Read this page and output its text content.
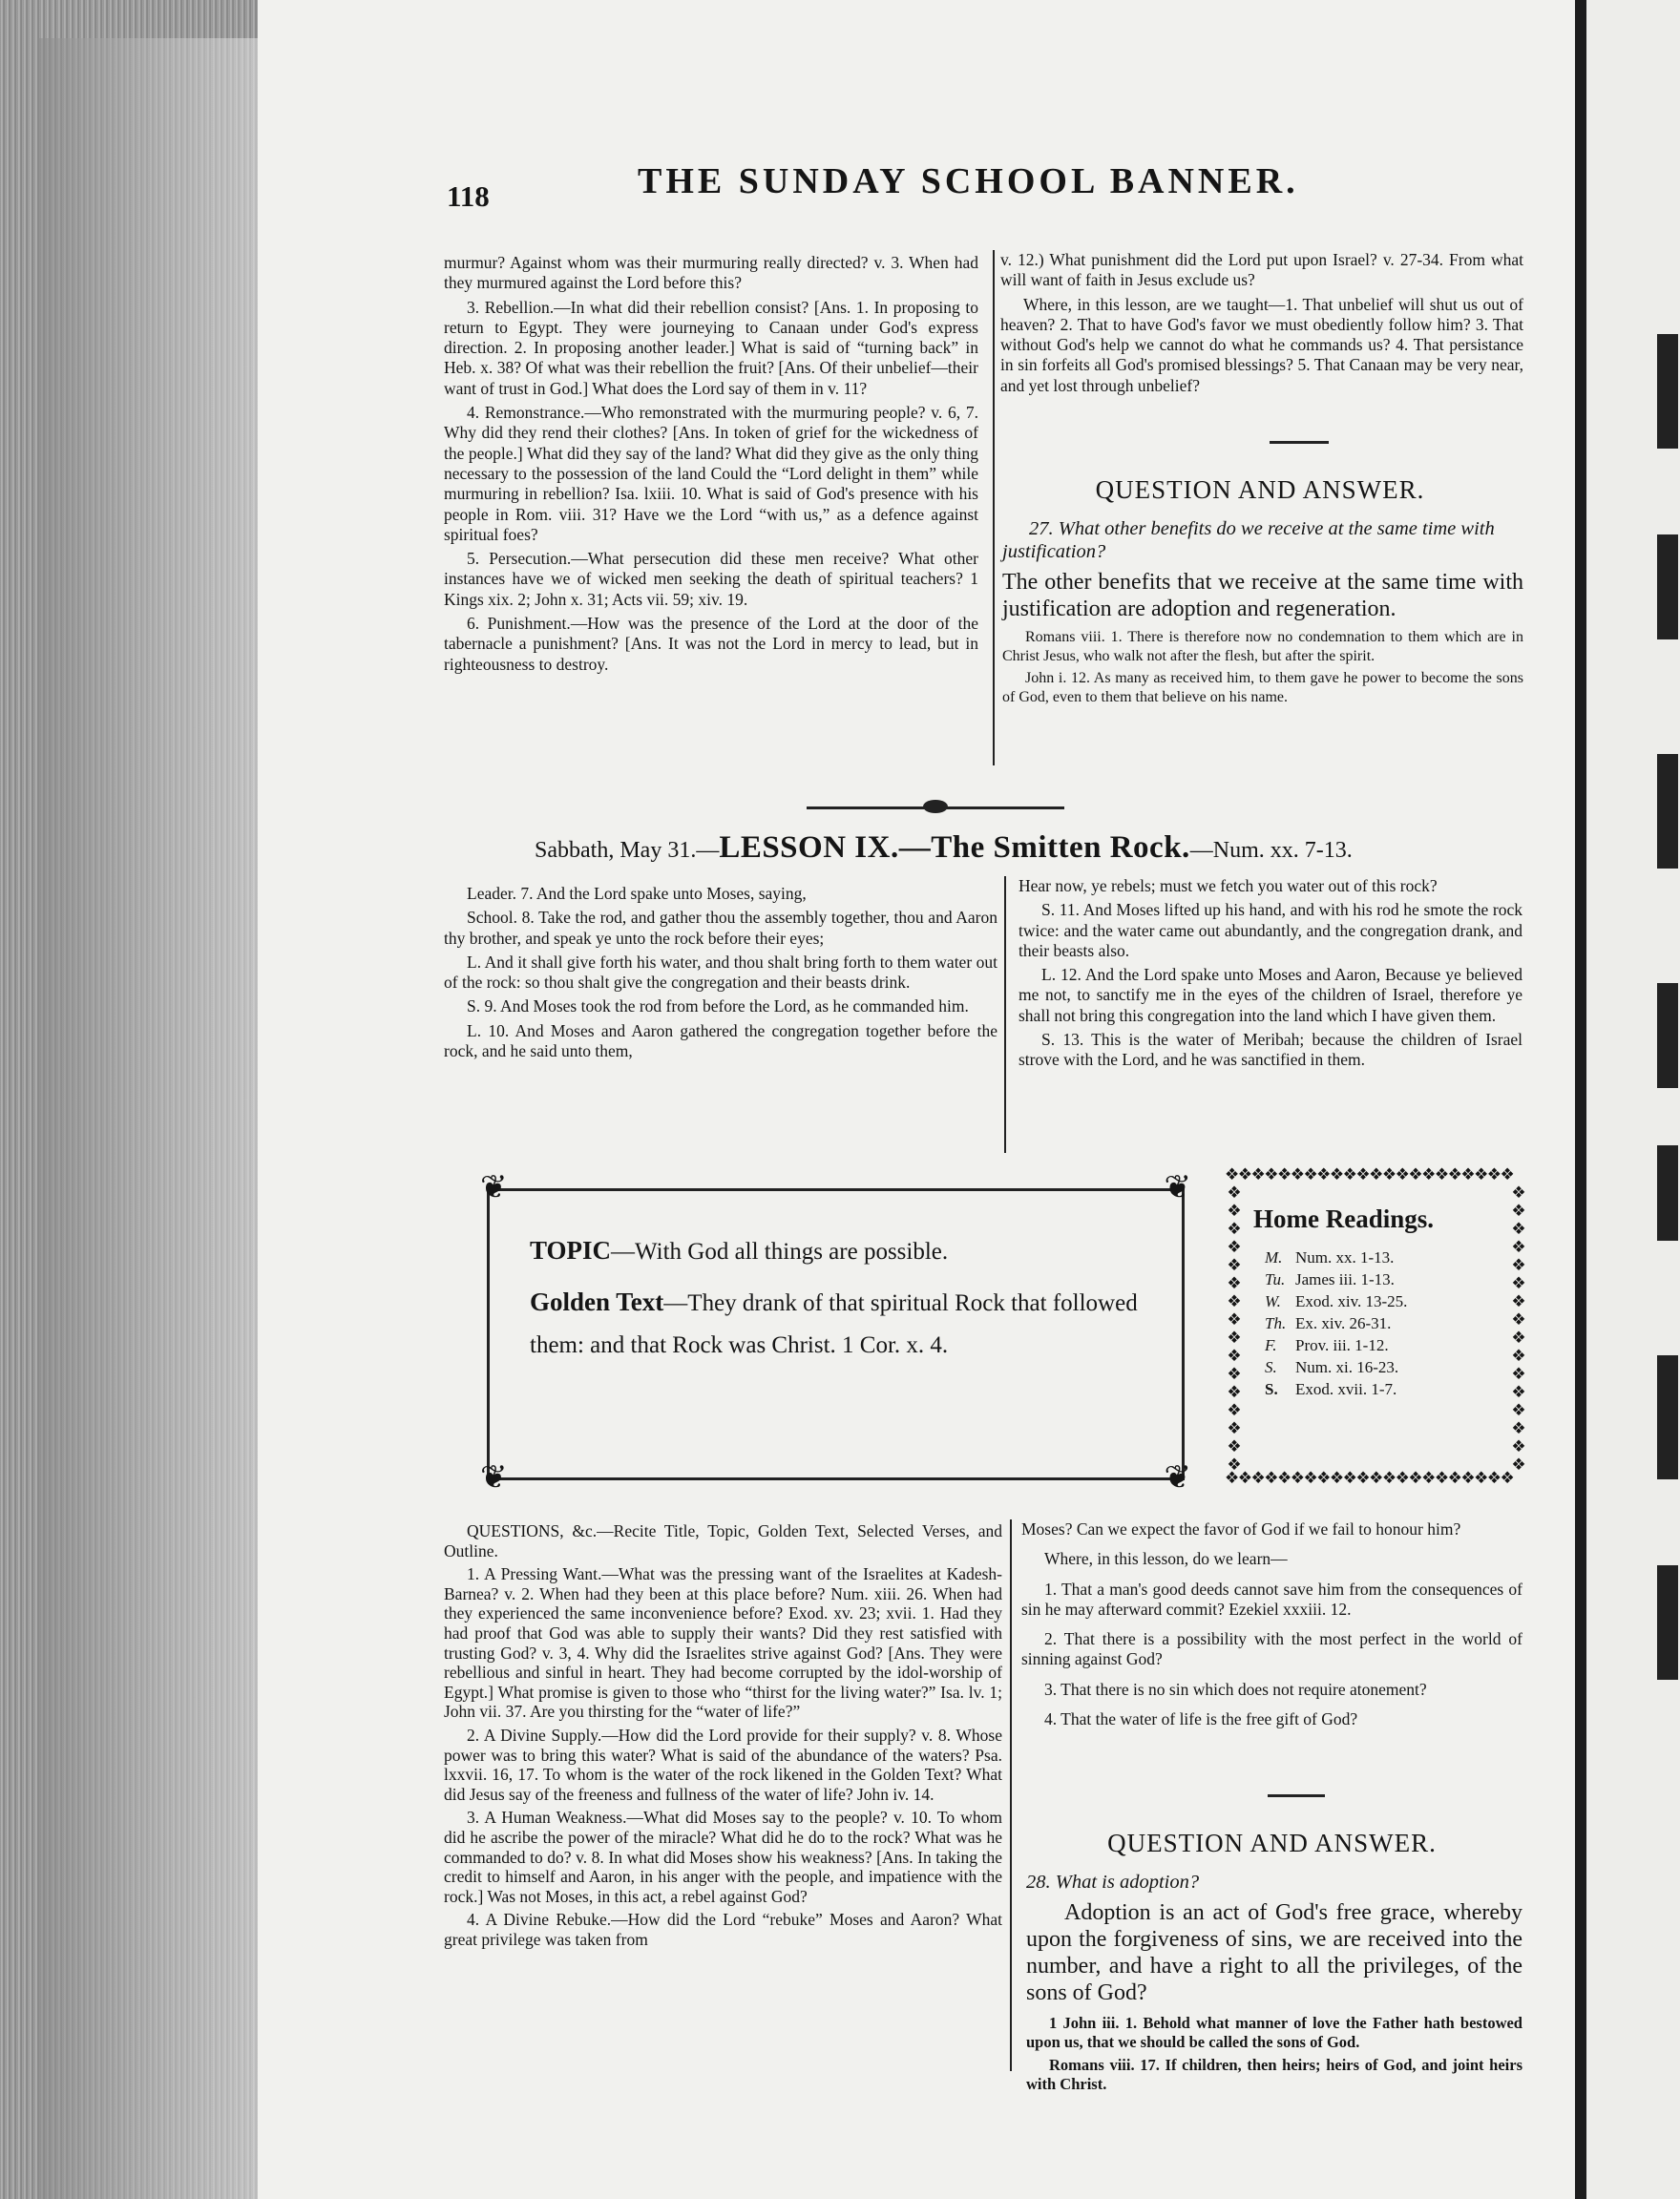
118	THE SUNDAY SCHOOL BANNER.

murmur? Against whom was their murmuring really directed? v. 3. When had they murmured against the Lord before this?

3. Rebellion.—In what did their rebellion consist? [Ans. 1. In proposing to return to Egypt. They were journeying to Canaan under God's express direction. 2. In proposing another leader.] What is said of “turning back” in Heb. x. 38? Of what was their rebellion the fruit? [Ans. Of their unbelief—their want of trust in God.] What does the Lord say of them in v. 11?

4. Remonstrance.—Who remonstrated with the murmuring people? v. 6, 7. Why did they rend their clothes? [Ans. In token of grief for the wickedness of the people.] What did they say of the land? What did they give as the only thing necessary to the possession of the land Could the “Lord delight in them” while murmuring in rebellion? Isa. lxiii. 10. What is said of God's presence with his people in Rom. viii. 31? Have we the Lord “with us,” as a defence against spiritual foes?

5. Persecution.—What persecution did these men receive? What other instances have we of wicked men seeking the death of spiritual teachers? 1 Kings xix. 2; John x. 31; Acts vii. 59; xiv. 19.

6. Punishment.—How was the presence of the Lord at the door of the tabernacle a punishment? [Ans. It was not the Lord in mercy to lead, but in righteousness to destroy.

v. 12.) What punishment did the Lord put upon Israel? v. 27-34. From what will want of faith in Jesus exclude us?

Where, in this lesson, are we taught—1. That unbelief will shut us out of heaven? 2. That to have God's favor we must obediently follow him? 3. That without God's help we cannot do what he commands us? 4. That persistance in sin forfeits all God's promised blessings? 5. That Canaan may be very near, and yet lost through unbelief?

QUESTION AND ANSWER.
27. What other benefits do we receive at the same time with justification?
The other benefits that we receive at the same time with justification are adoption and regeneration.

Romans viii. 1. There is therefore now no condemnation to them which are in Christ Jesus, who walk not after the flesh, but after the spirit.

John i. 12. As many as received him, to them gave he power to become the sons of God, even to them that believe on his name.

Sabbath, May 31.—LESSON IX.—The Smitten Rock.—Num. xx. 7-13.

Leader. 7. And the Lord spake unto Moses, saying,

School. 8. Take the rod, and gather thou the assembly together, thou and Aaron thy brother, and speak ye unto the rock before their eyes;

L. And it shall give forth his water, and thou shalt bring forth to them water out of the rock: so thou shalt give the congregation and their beasts drink.

S. 9. And Moses took the rod from before the Lord, as he commanded him.

L. 10. And Moses and Aaron gathered the congregation together before the rock, and he said unto them,

Hear now, ye rebels; must we fetch you water out of this rock?

S. 11. And Moses lifted up his hand, and with his rod he smote the rock twice: and the water came out abundantly, and the congregation drank, and their beasts also.

L. 12. And the Lord spake unto Moses and Aaron, Because ye believed me not, to sanctify me in the eyes of the children of Israel, therefore ye shall not bring this congregation into the land which I have given them.

S. 13. This is the water of Meribah; because the children of Israel strove with the Lord, and he was sanctified in them.

❦	❦
❦	❦
TOPIC—With God all things are possible.
Golden Text—They drank of that spiritual Rock that followed them: and that Rock was Christ. 1 Cor. x. 4.
❖❖❖❖❖❖❖❖❖❖❖❖❖❖❖❖❖❖❖❖❖❖
❖❖❖❖❖❖❖❖❖❖❖❖❖❖❖❖❖❖❖❖❖❖
❖
❖
❖
❖
❖
❖
❖
❖
❖
❖
❖
❖
❖
❖
❖
❖
❖
❖
❖
❖
❖
❖
❖
❖
❖
❖
❖
❖
❖
❖
❖
❖
Home Readings.
M. Num. xx. 1-13.
Tu. James iii. 1-13.
W. Exod. xiv. 13-25.
Th. Ex. xiv. 26-31.
F. Prov. iii. 1-12.
S. Num. xi. 16-23.
S. Exod. xvii. 1-7.

QUESTIONS, &c.—Recite Title, Topic, Golden Text, Selected Verses, and Outline.

1. A Pressing Want.—What was the pressing want of the Israelites at Kadesh-Barnea? v. 2. When had they been at this place before? Num. xiii. 26. When had they experienced the same inconvenience before? Exod. xv. 23; xvii. 1. Had they had proof that God was able to supply their wants? Did they rest satisfied with trusting God? v. 3, 4. Why did the Israelites strive against God? [Ans. They were rebellious and sinful in heart. They had become corrupted by the idol-worship of Egypt.] What promise is given to those who “thirst for the living water?” Isa. lv. 1; John vii. 37. Are you thirsting for the “water of life?”

2. A Divine Supply.—How did the Lord provide for their supply? v. 8. Whose power was to bring this water? What is said of the abundance of the waters? Psa. lxxvii. 16, 17. To whom is the water of the rock likened in the Golden Text? What did Jesus say of the freeness and fullness of the water of life? John iv. 14.

3. A Human Weakness.—What did Moses say to the people? v. 10. To whom did he ascribe the power of the miracle? What did he do to the rock? What was he commanded to do? v. 8. In what did Moses show his weakness? [Ans. In taking the credit to himself and Aaron, in his anger with the people, and impatience with the rock.] Was not Moses, in this act, a rebel against God?

4. A Divine Rebuke.—How did the Lord “rebuke” Moses and Aaron? What great privilege was taken from

Moses? Can we expect the favor of God if we fail to honour him?

Where, in this lesson, do we learn—

1. That a man's good deeds cannot save him from the consequences of sin he may afterward commit? Ezekiel xxxiii. 12.

2. That there is a possibility with the most perfect in the world of sinning against God?

3. That there is no sin which does not require atonement?

4. That the water of life is the free gift of God?

QUESTION AND ANSWER.
28. What is adoption?
Adoption is an act of God's free grace, whereby upon the forgiveness of sins, we are received into the number, and have a right to all the privileges, of the sons of God?

1 John iii. 1. Behold what manner of love the Father hath bestowed upon us, that we should be called the sons of God.

Romans viii. 17. If children, then heirs; heirs of God, and joint heirs with Christ.
